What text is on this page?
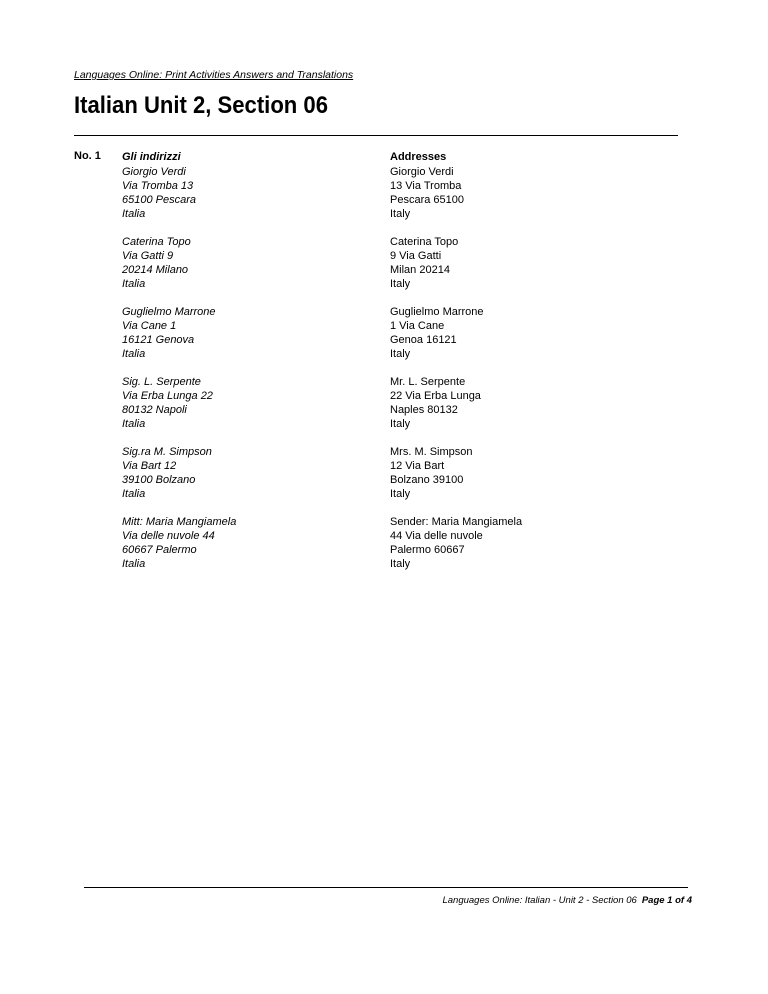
Languages Online: Print Activities Answers and Translations
Italian Unit 2, Section 06
No. 1 Gli indirizzi
Giorgio Verdi
Via Tromba 13
65100 Pescara
Italia
Caterina Topo
Via Gatti 9
20214 Milano
Italia
Guglielmo Marrone
Via Cane 1
16121 Genova
Italia
Sig. L. Serpente
Via Erba Lunga 22
80132 Napoli
Italia
Sig.ra M. Simpson
Via Bart 12
39100 Bolzano
Italia
Mitt: Maria Mangiamela
Via delle nuvole 44
60667 Palermo
Italia
Addresses
Giorgio Verdi
13 Via Tromba
Pescara 65100
Italy
Caterina Topo
9 Via Gatti
Milan 20214
Italy
Guglielmo Marrone
1 Via Cane
Genoa 16121
Italy
Mr. L. Serpente
22 Via Erba Lunga
Naples 80132
Italy
Mrs. M. Simpson
12 Via Bart
Bolzano 39100
Italy
Sender: Maria Mangiamela
44 Via delle nuvole
Palermo 60667
Italy
Languages Online: Italian - Unit 2 - Section 06 Page 1 of 4
